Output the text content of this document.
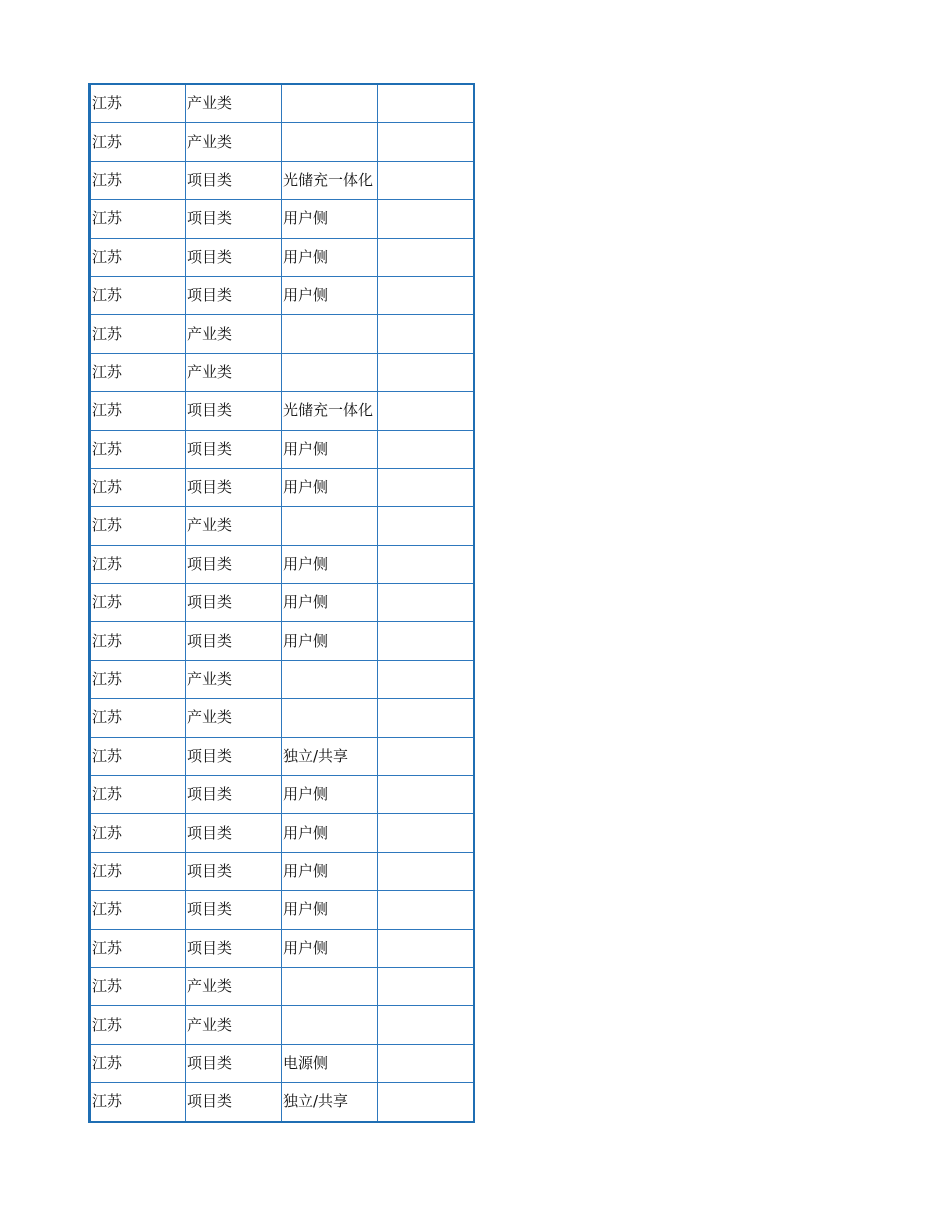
江苏	产业类		
江苏	产业类		
江苏	项目类	光储充一体化	
江苏	项目类	用户侧	
江苏	项目类	用户侧	
江苏	项目类	用户侧	
江苏	产业类		
江苏	产业类		
江苏	项目类	光储充一体化	
江苏	项目类	用户侧	
江苏	项目类	用户侧	
江苏	产业类		
江苏	项目类	用户侧	
江苏	项目类	用户侧	
江苏	项目类	用户侧	
江苏	产业类		
江苏	产业类		
江苏	项目类	独立/共享	
江苏	项目类	用户侧	
江苏	项目类	用户侧	
江苏	项目类	用户侧	
江苏	项目类	用户侧	
江苏	项目类	用户侧	
江苏	产业类		
江苏	产业类		
江苏	项目类	电源侧	
江苏	项目类	独立/共享	
